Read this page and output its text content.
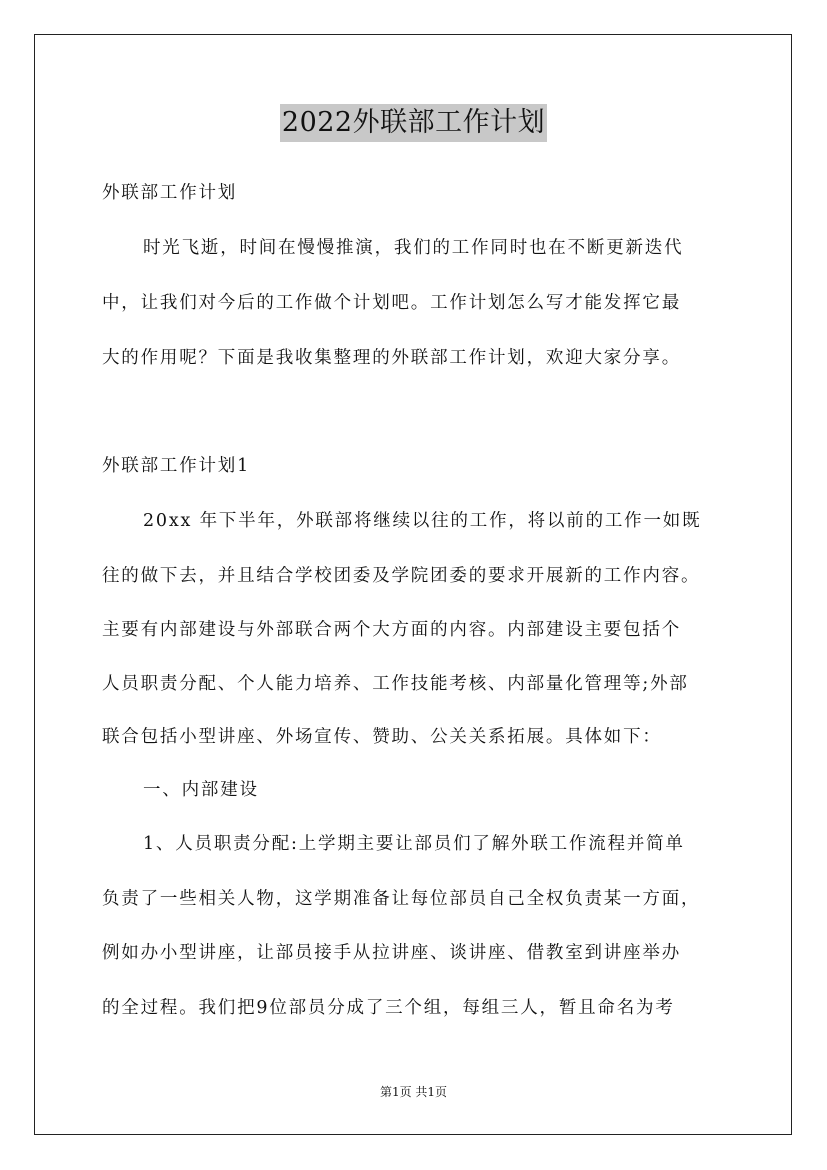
2022外联部工作计划
外联部工作计划
时光飞逝，时间在慢慢推演，我们的工作同时也在不断更新迭代
中，让我们对今后的工作做个计划吧。工作计划怎么写才能发挥它最
大的作用呢？下面是我收集整理的外联部工作计划，欢迎大家分享。
外联部工作计划1
20xx 年下半年，外联部将继续以往的工作，将以前的工作一如既
往的做下去，并且结合学校团委及学院团委的要求开展新的工作内容。
主要有内部建设与外部联合两个大方面的内容。内部建设主要包括个
人员职责分配、个人能力培养、工作技能考核、内部量化管理等;外部
联合包括小型讲座、外场宣传、赞助、公关关系拓展。具体如下：
一、内部建设
1、人员职责分配:上学期主要让部员们了解外联工作流程并简单
负责了一些相关人物，这学期准备让每位部员自己全权负责某一方面，
例如办小型讲座，让部员接手从拉讲座、谈讲座、借教室到讲座举办
的全过程。我们把9位部员分成了三个组，每组三人，暂且命名为考
第1页 共1页
